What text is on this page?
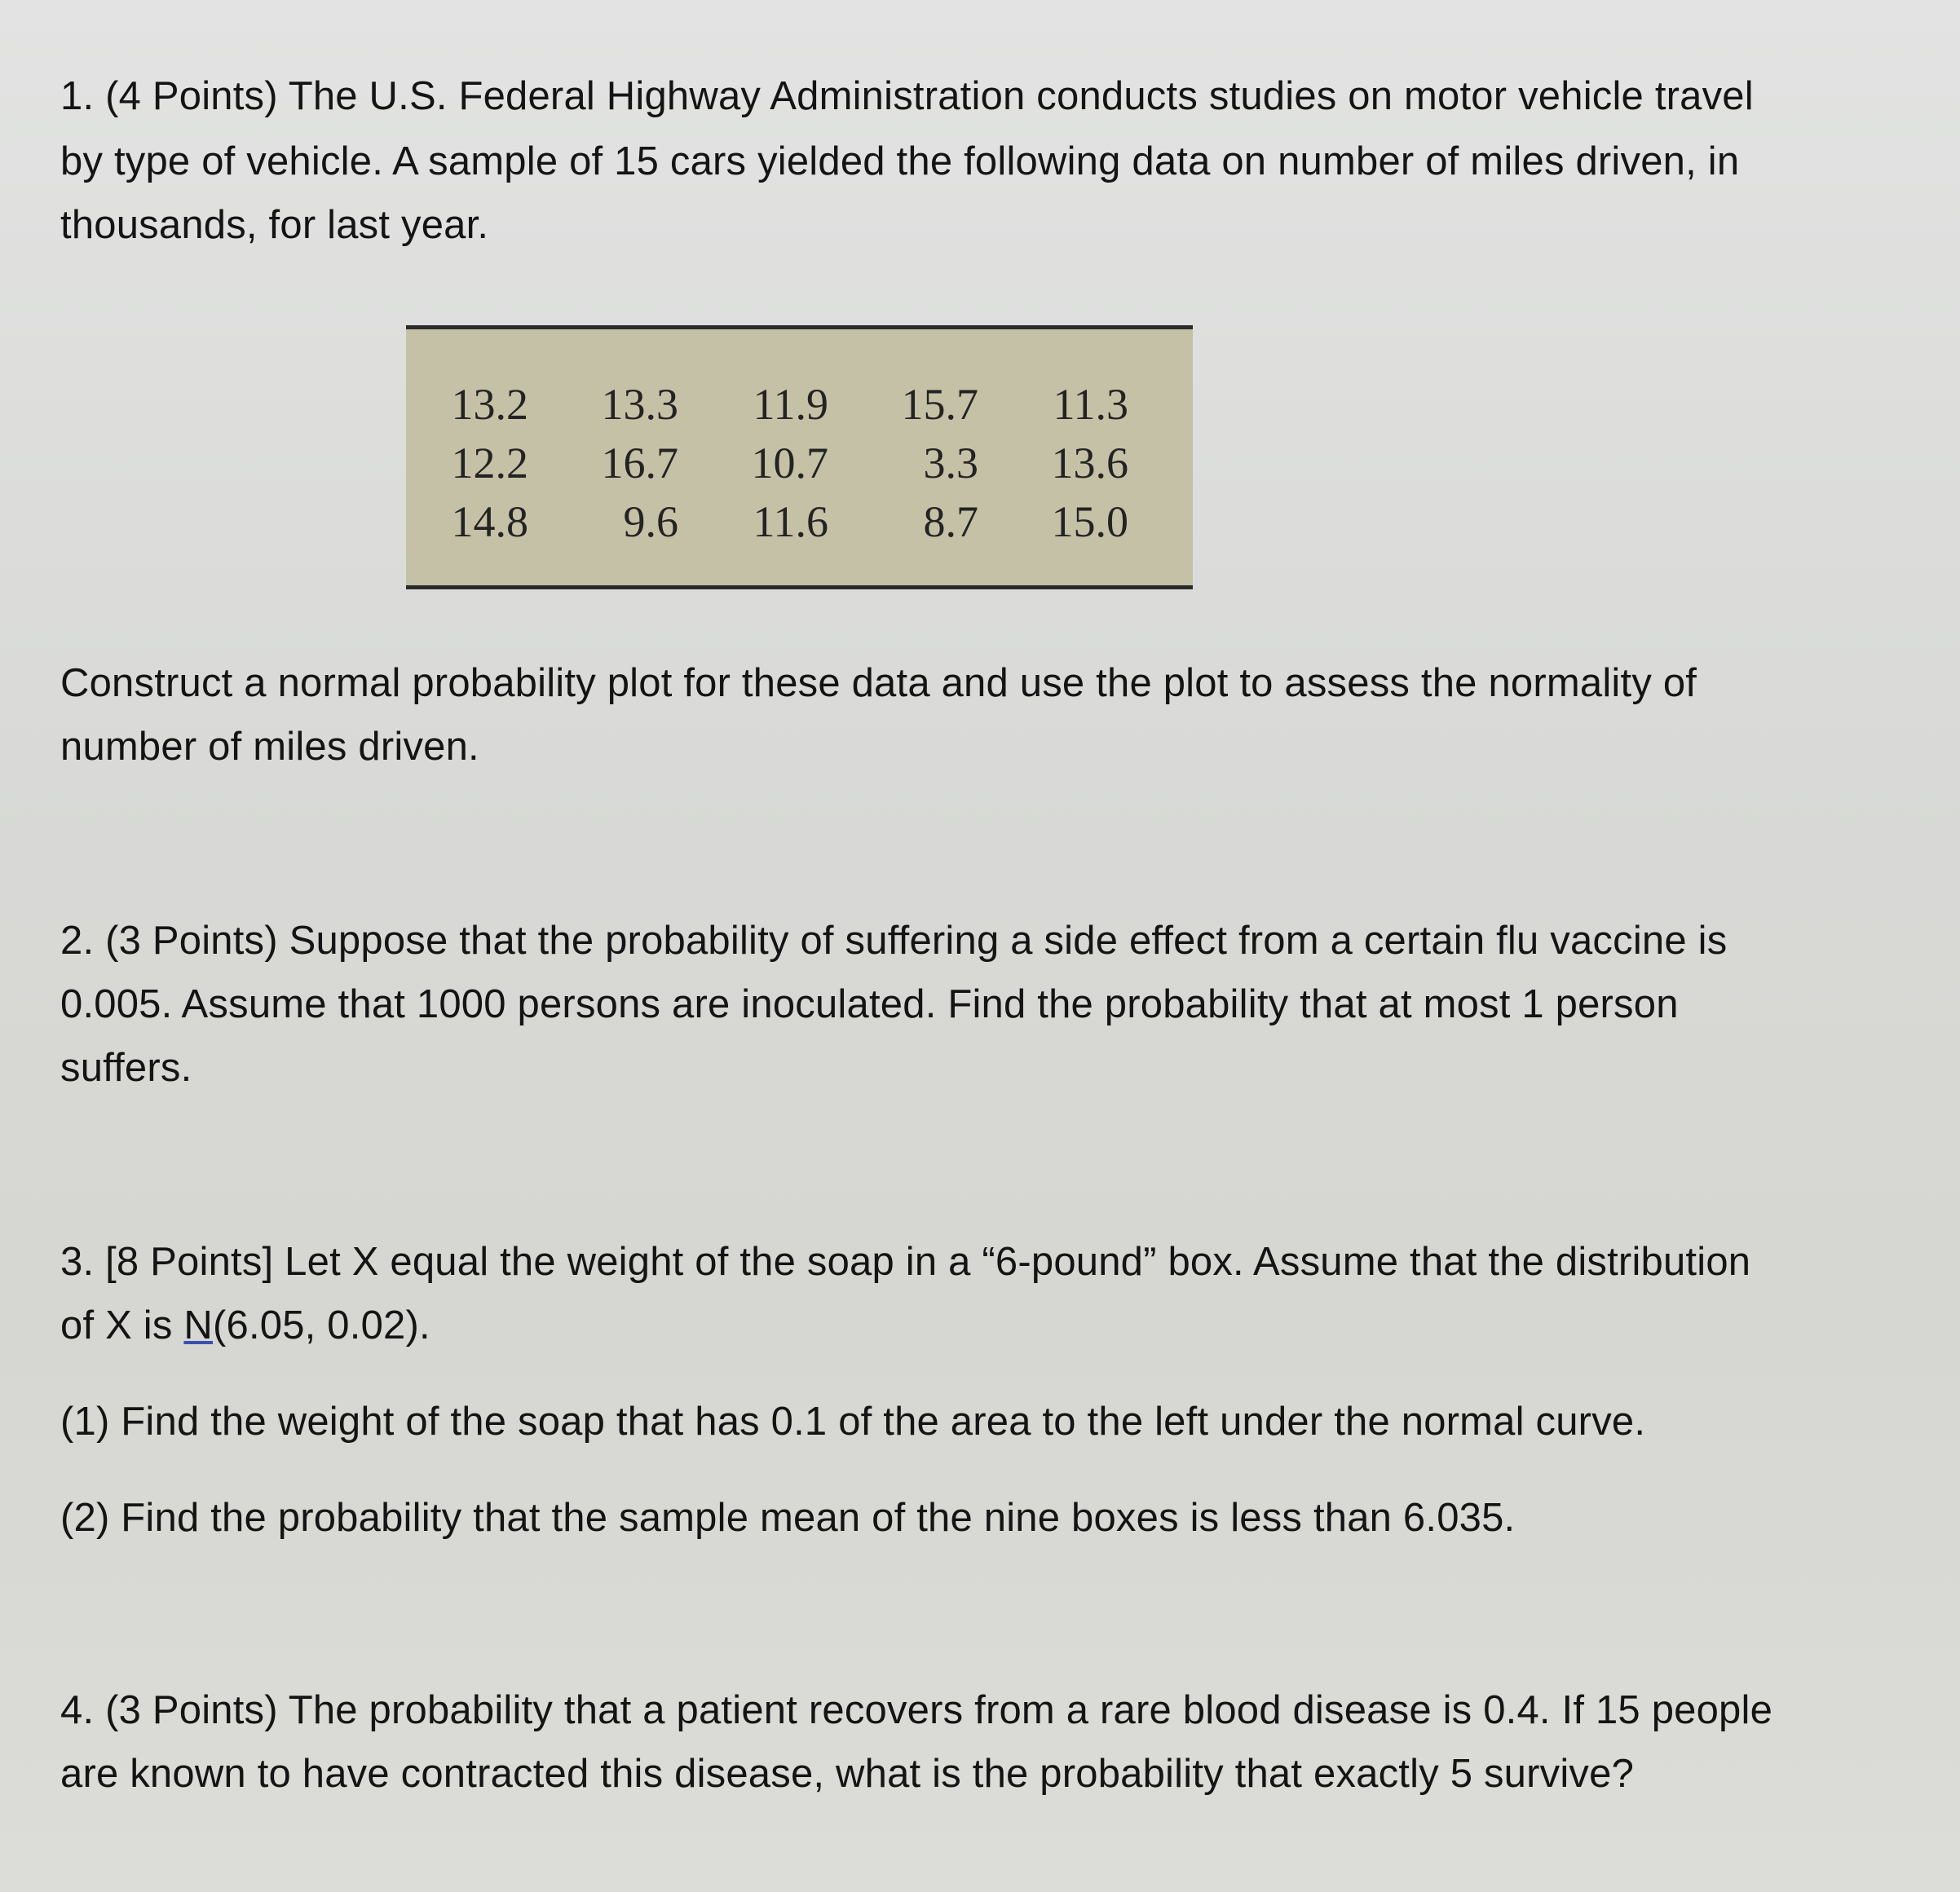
1. (4 Points) The U.S. Federal Highway Administration conducts studies on motor vehicle travel

by type of vehicle. A sample of 15 cars yielded the following data on number of miles driven, in

thousands, for last year.

13.2	13.3	11.9	15.7	11.3
12.2	16.7	10.7	3.3	13.6
14.8	9.6	11.6	8.7	15.0

Construct a normal probability plot for these data and use the plot to assess the normality of

number of miles driven.

2. (3 Points) Suppose that the probability of suffering a side effect from a certain flu vaccine is

0.005. Assume that 1000 persons are inoculated. Find the probability that at most 1 person

suffers.

3. [8 Points] Let X equal the weight of the soap in a “6-pound” box. Assume that the distribution

of X is N(6.05, 0.02).

(1) Find the weight of the soap that has 0.1 of the area to the left under the normal curve.

(2) Find the probability that the sample mean of the nine boxes is less than 6.035.

4. (3 Points) The probability that a patient recovers from a rare blood disease is 0.4. If 15 people

are known to have contracted this disease, what is the probability that exactly 5 survive?
